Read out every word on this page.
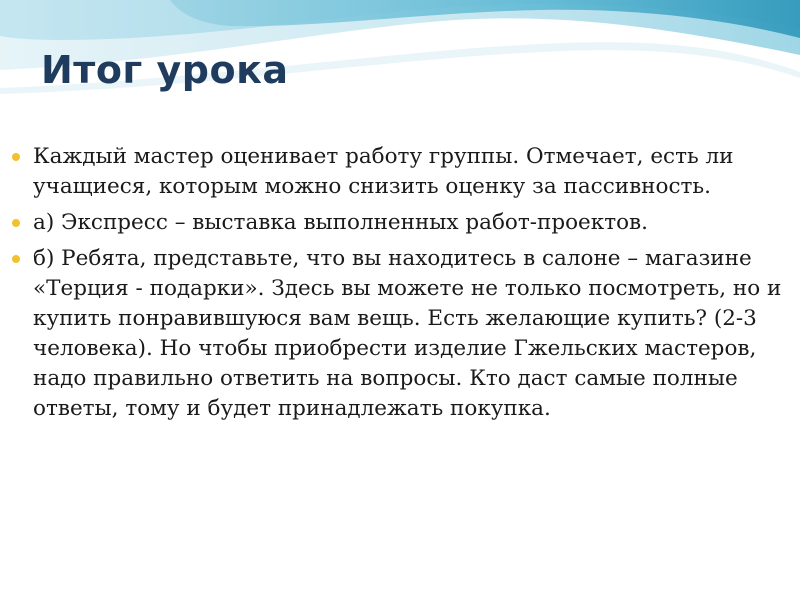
Итог урока
Каждый мастер оценивает работу группы. Отмечает, есть ли учащиеся, которым можно снизить оценку за пассивность.
а) Экспресс – выставка выполненных работ-проектов.
б) Ребята, представьте, что вы находитесь в салоне – магазине «Терция - подарки». Здесь вы можете не только посмотреть, но и купить понравившуюся вам вещь. Есть желающие купить? (2-3 человека). Но чтобы приобрести изделие Гжельских мастеров, надо правильно ответить на вопросы. Кто даст самые полные ответы, тому и будет принадлежать покупка.
